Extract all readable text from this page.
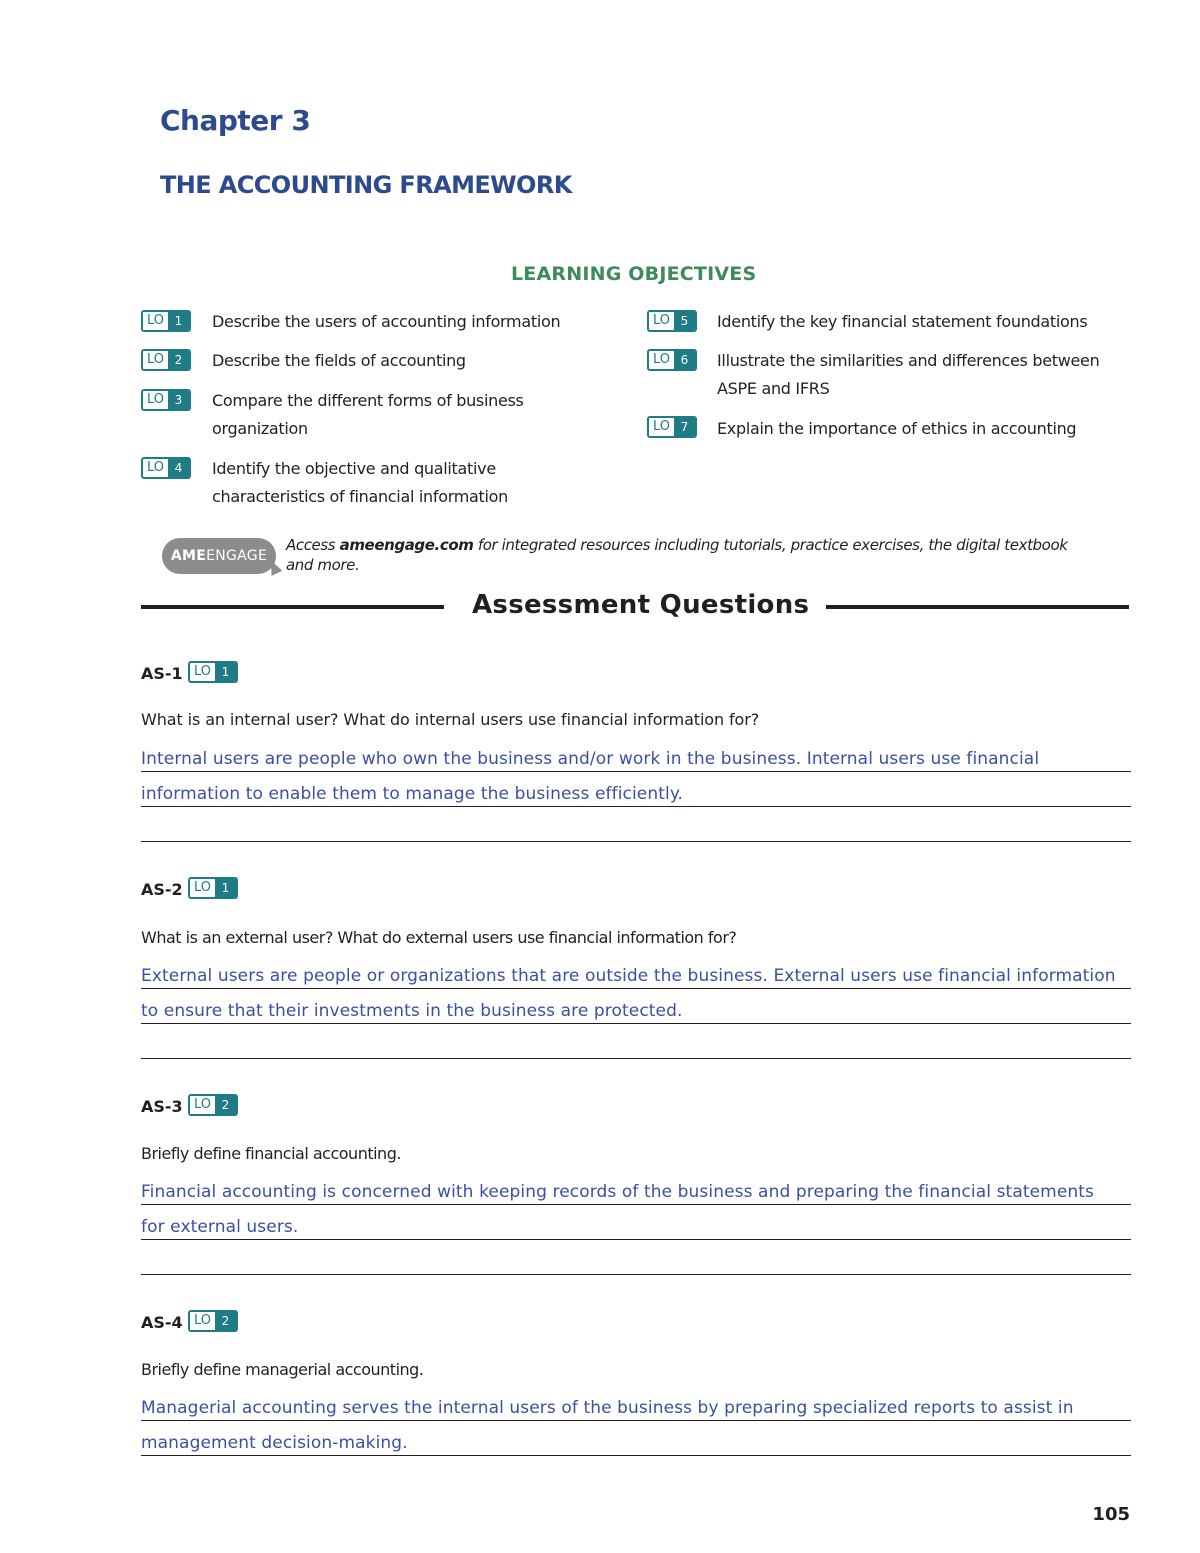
Chapter 3
THE ACCOUNTING FRAMEWORK
LEARNING OBJECTIVES
LO 1	Describe the users of accounting information
LO 2	Describe the fields of accounting
LO 3	Compare the different forms of business
organization
LO 4	Identify the objective and qualitative
characteristics of financial information
LO 5	Identify the key financial statement foundations
LO 6	Illustrate the similarities and differences between
ASPE and IFRS
LO 7	Explain the importance of ethics in accounting
AMEENGAGE
Access ameengage.com for integrated resources including tutorials, practice exercises, the digital textbook
and more.
Assessment Questions
AS-1 LO 1
What is an internal user? What do internal users use financial information for?
Internal users are people who own the business and/or work in the business. Internal users use financial
information to enable them to manage the business efficiently.
AS-2 LO 1
What is an external user? What do external users use financial information for?
External users are people or organizations that are outside the business. External users use financial information
to ensure that their investments in the business are protected.
AS-3 LO 2
Briefly define financial accounting.
Financial accounting is concerned with keeping records of the business and preparing the financial statements
for external users.
AS-4 LO 2
Briefly define managerial accounting.
Managerial accounting serves the internal users of the business by preparing specialized reports to assist in
management decision-making.
105
